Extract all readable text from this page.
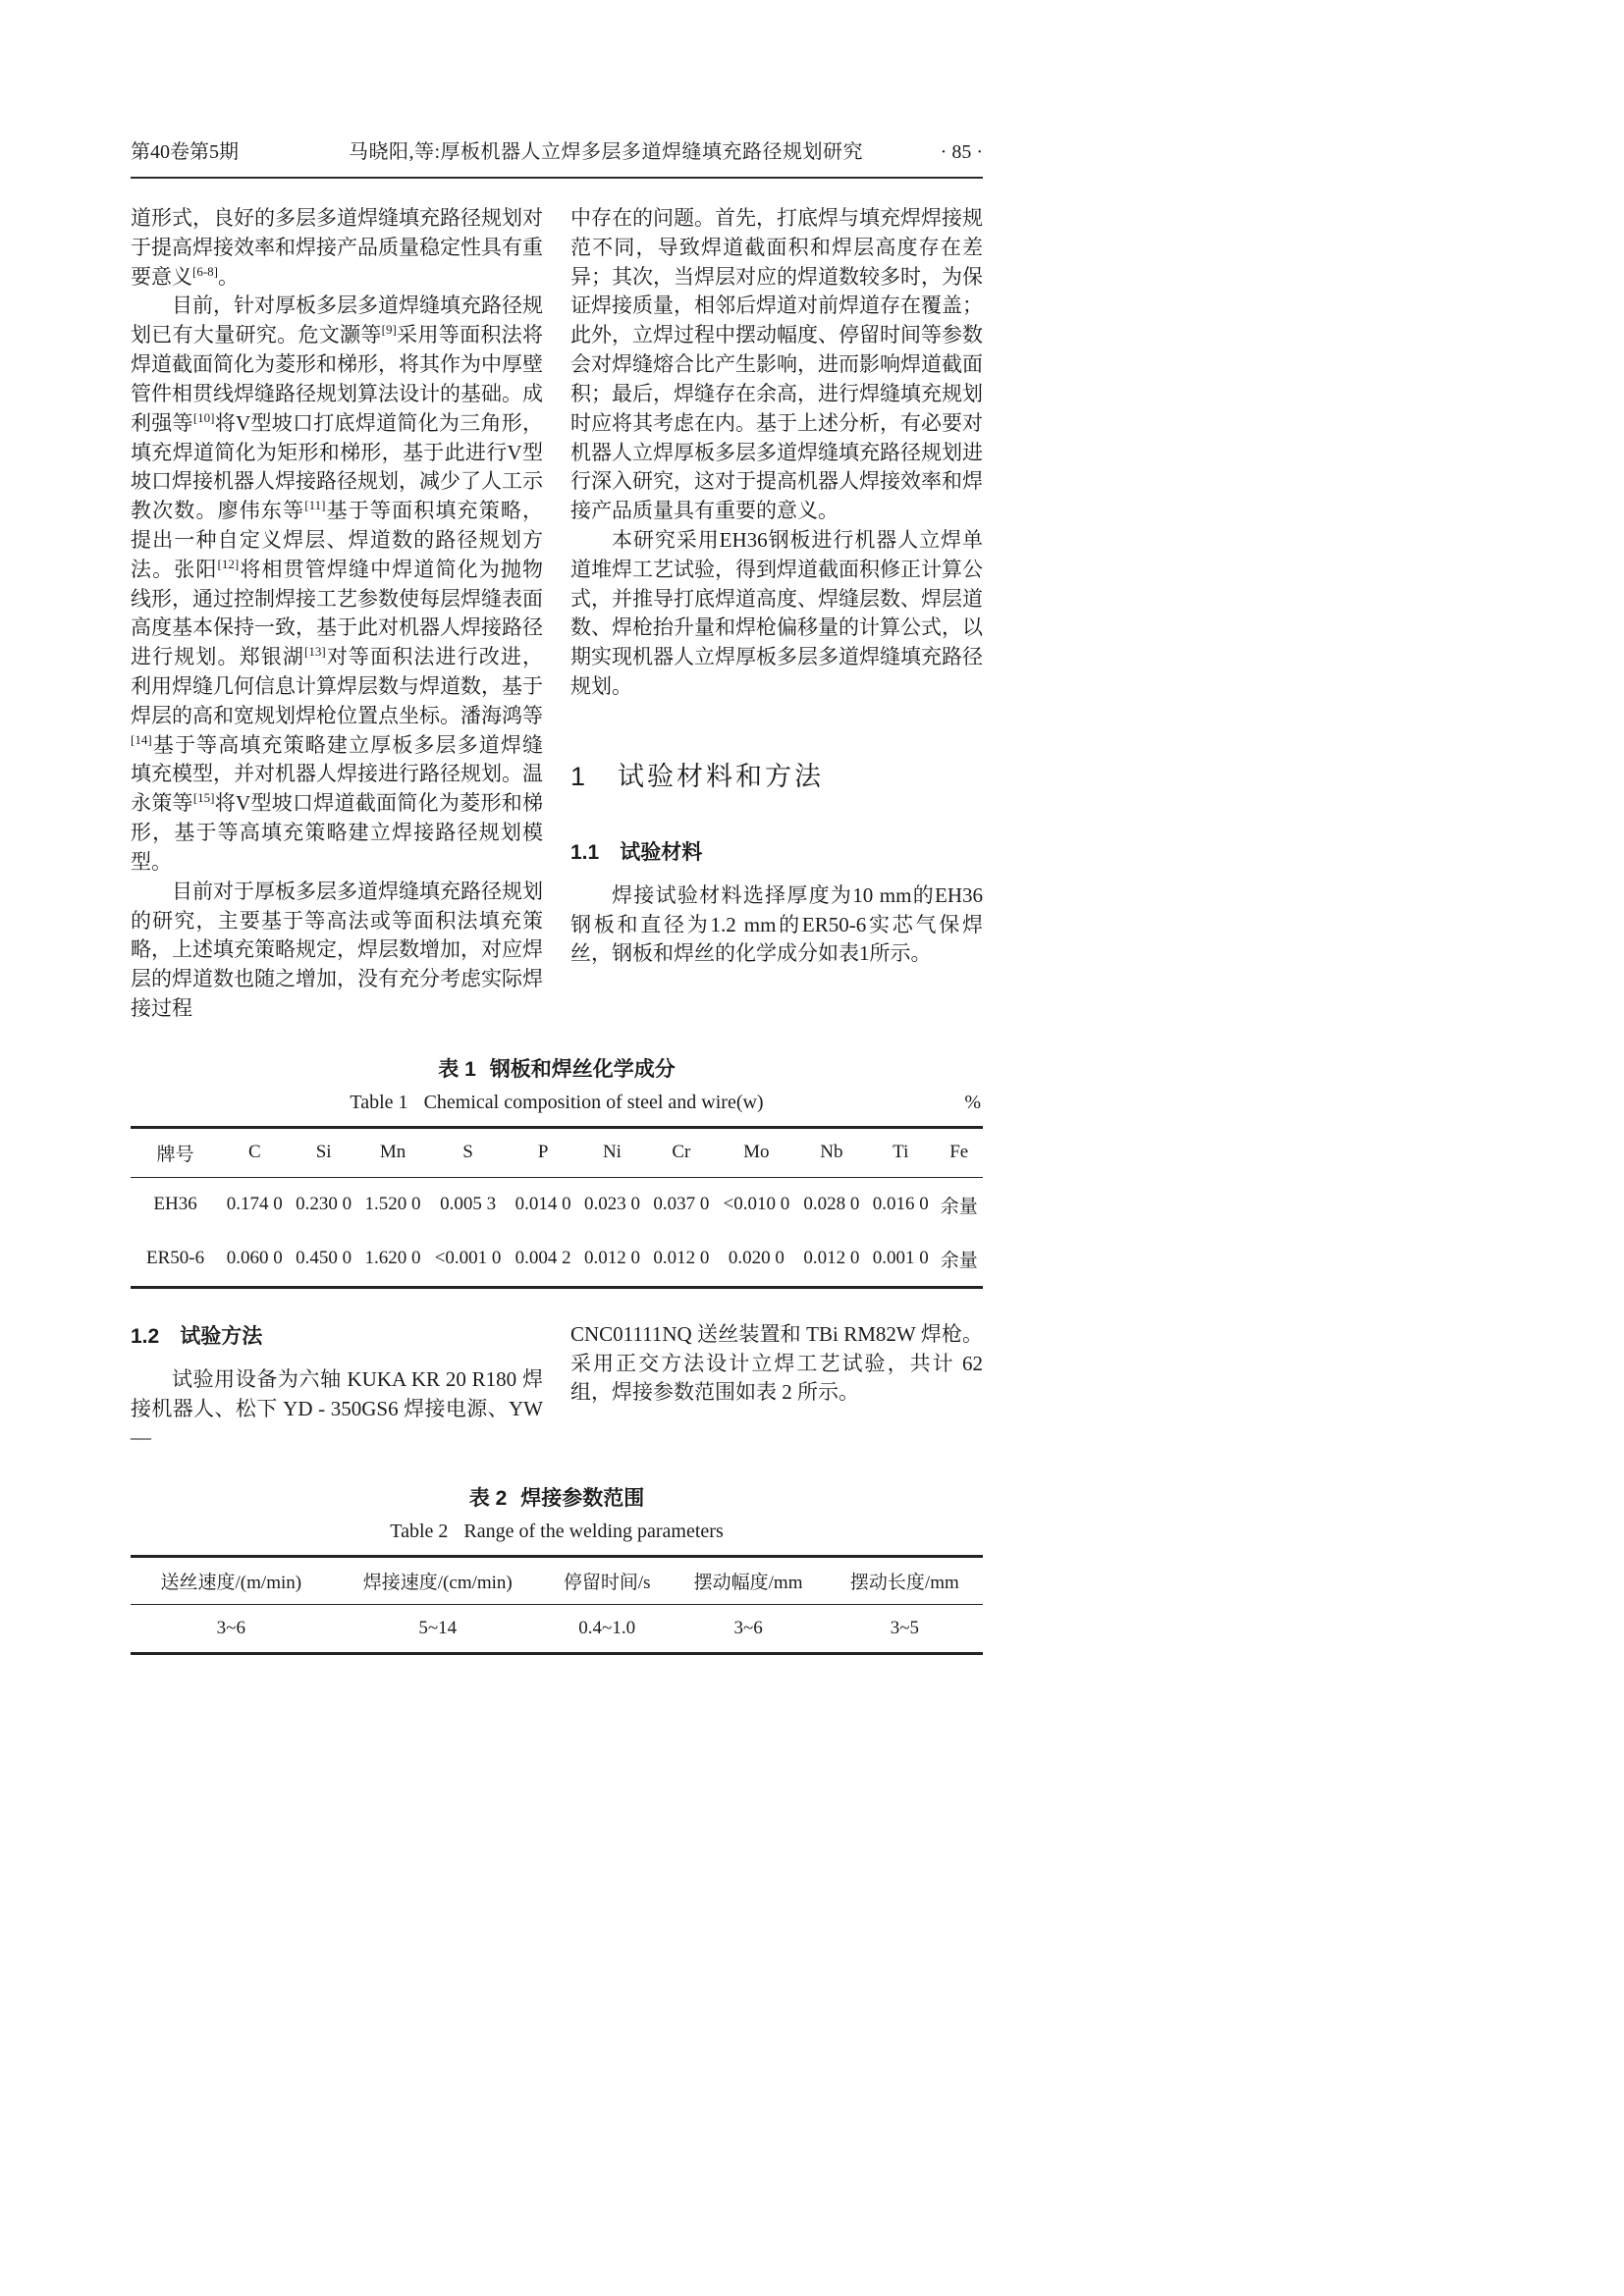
第40卷第5期	马晓阳,等:厚板机器人立焊多层多道焊缝填充路径规划研究	· 85 ·

道形式，良好的多层多道焊缝填充路径规划对于提高焊接效率和焊接产品质量稳定性具有重要意义[6-8]。

目前，针对厚板多层多道焊缝填充路径规划已有大量研究。危文灏等[9]采用等面积法将焊道截面简化为菱形和梯形，将其作为中厚壁管件相贯线焊缝路径规划算法设计的基础。成利强等[10]将V型坡口打底焊道简化为三角形，填充焊道简化为矩形和梯形，基于此进行V型坡口焊接机器人焊接路径规划，减少了人工示教次数。廖伟东等[11]基于等面积填充策略，提出一种自定义焊层、焊道数的路径规划方法。张阳[12]将相贯管焊缝中焊道简化为抛物线形，通过控制焊接工艺参数使每层焊缝表面高度基本保持一致，基于此对机器人焊接路径进行规划。郑银湖[13]对等面积法进行改进，利用焊缝几何信息计算焊层数与焊道数，基于焊层的高和宽规划焊枪位置点坐标。潘海鸿等[14]基于等高填充策略建立厚板多层多道焊缝填充模型，并对机器人焊接进行路径规划。温永策等[15]将V型坡口焊道截面简化为菱形和梯形，基于等高填充策略建立焊接路径规划模型。

目前对于厚板多层多道焊缝填充路径规划的研究，主要基于等高法或等面积法填充策略，上述填充策略规定，焊层数增加，对应焊层的焊道数也随之增加，没有充分考虑实际焊接过程

中存在的问题。首先，打底焊与填充焊焊接规范不同，导致焊道截面积和焊层高度存在差异；其次，当焊层对应的焊道数较多时，为保证焊接质量，相邻后焊道对前焊道存在覆盖；此外，立焊过程中摆动幅度、停留时间等参数会对焊缝熔合比产生影响，进而影响焊道截面积；最后，焊缝存在余高，进行焊缝填充规划时应将其考虑在内。基于上述分析，有必要对机器人立焊厚板多层多道焊缝填充路径规划进行深入研究，这对于提高机器人焊接效率和焊接产品质量具有重要的意义。

本研究采用EH36钢板进行机器人立焊单道堆焊工艺试验，得到焊道截面积修正计算公式，并推导打底焊道高度、焊缝层数、焊层道数、焊枪抬升量和焊枪偏移量的计算公式，以期实现机器人立焊厚板多层多道焊缝填充路径规划。

1　试验材料和方法
1.1　试验材料

焊接试验材料选择厚度为10 mm的EH36钢板和直径为1.2 mm的ER50-6实芯气保焊丝，钢板和焊丝的化学成分如表1所示。

表 1 钢板和焊丝化学成分
Table 1 Chemical composition of steel and wire(w)	%
牌号	C	Si	Mn	S	P	Ni	Cr	Mo	Nb	Ti	Fe
EH36	0.174 0	0.230 0	1.520 0	0.005 3	0.014 0	0.023 0	0.037 0	<0.010 0	0.028 0	0.016 0	余量
ER50-6	0.060 0	0.450 0	1.620 0	<0.001 0	0.004 2	0.012 0	0.012 0	0.020 0	0.012 0	0.001 0	余量
1.2　试验方法

试验用设备为六轴 KUKA KR 20 R180 焊接机器人、松下 YD - 350GS6 焊接电源、YW —

CNC01111NQ 送丝装置和 TBi RM82W 焊枪。采用正交方法设计立焊工艺试验，共计 62 组，焊接参数范围如表 2 所示。

表 2 焊接参数范围
Table 2 Range of the welding parameters
送丝速度/(m/min)	焊接速度/(cm/min)	停留时间/s	摆动幅度/mm	摆动长度/mm
3~6	5~14	0.4~1.0	3~6	3~5
